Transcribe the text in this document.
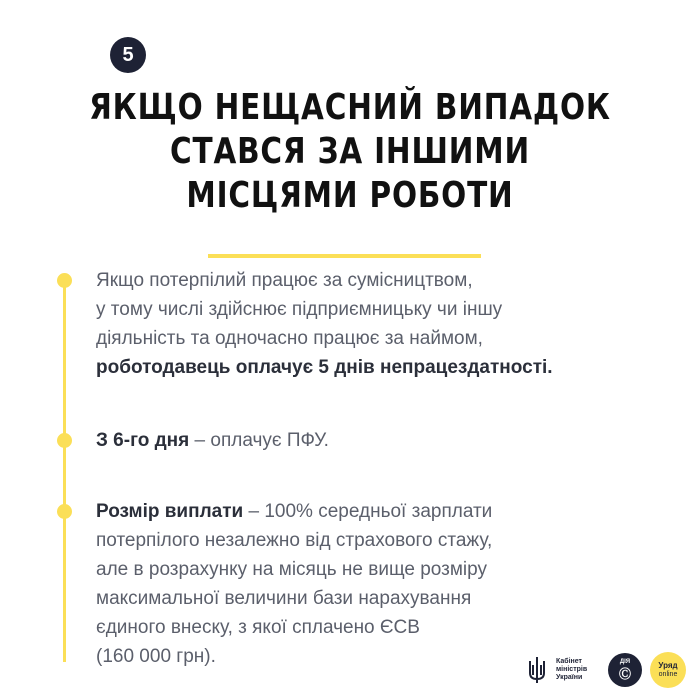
5
ЯКЩО НЕЩАСНИЙ ВИПАДОК
СТАВСЯ ЗА ІНШИМИ
МІСЦЯМИ РОБОТИ

Якщо потерпілий працює за сумісництвом,
у тому числі здійснює підприємницьку чи іншу
діяльність та одночасно працює за наймом,
роботодавець оплачує 5 днів непрацездатності.

З 6-го дня – оплачує ПФУ.

Розмір виплати – 100% середньої зарплати
потерпілого незалежно від страхового стажу,
але в розрахунку на місяць не вище розміру
максимальної величини бази нарахування
єдиного внеску, з якої сплачено ЄСВ
(160 000 грн).	Кабінет
міністрів
України
ДІЯ
Ⓒ
Уряд
online
